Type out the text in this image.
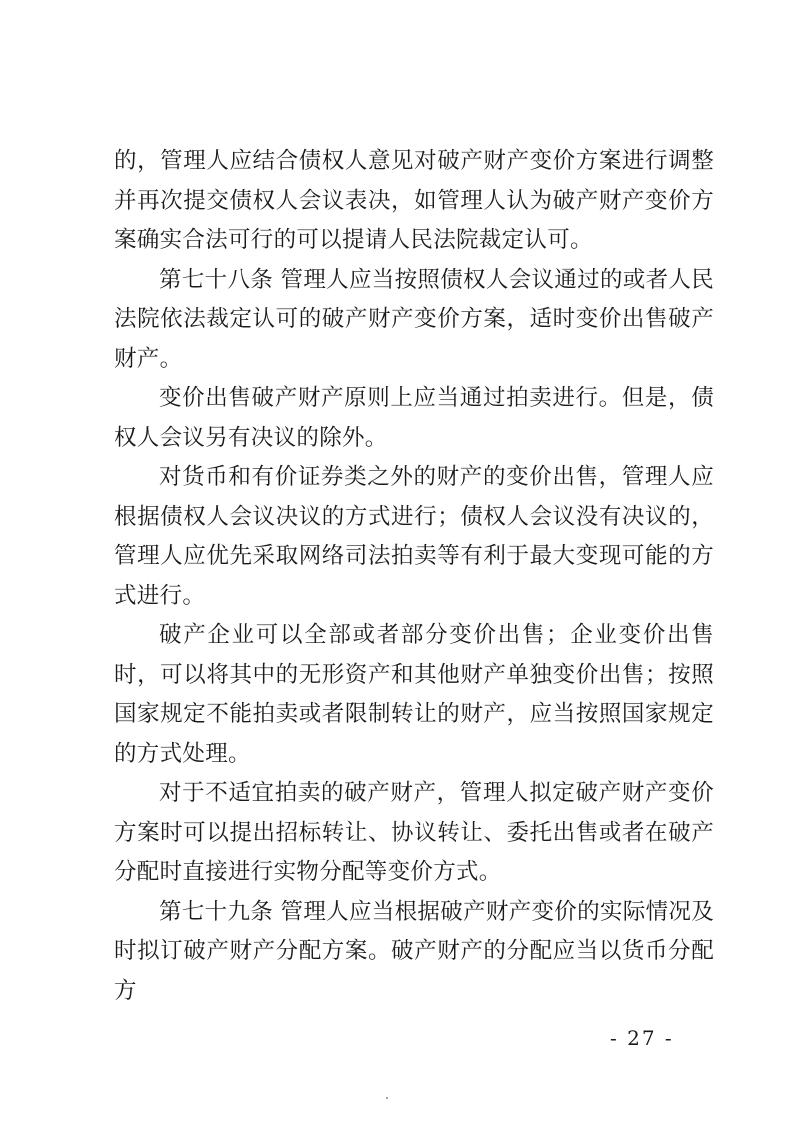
的，管理人应结合债权人意见对破产财产变价方案进行调整并再次提交债权人会议表决，如管理人认为破产财产变价方案确实合法可行的可以提请人民法院裁定认可。

第七十八条 管理人应当按照债权人会议通过的或者人民法院依法裁定认可的破产财产变价方案，适时变价出售破产财产。

变价出售破产财产原则上应当通过拍卖进行。但是，债权人会议另有决议的除外。

对货币和有价证券类之外的财产的变价出售，管理人应根据债权人会议决议的方式进行；债权人会议没有决议的，管理人应优先采取网络司法拍卖等有利于最大变现可能的方式进行。

破产企业可以全部或者部分变价出售；企业变价出售时，可以将其中的无形资产和其他财产单独变价出售；按照国家规定不能拍卖或者限制转让的财产，应当按照国家规定的方式处理。

对于不适宜拍卖的破产财产，管理人拟定破产财产变价方案时可以提出招标转让、协议转让、委托出售或者在破产分配时直接进行实物分配等变价方式。

第七十九条 管理人应当根据破产财产变价的实际情况及时拟订破产财产分配方案。破产财产的分配应当以货币分配方

- 27 -
